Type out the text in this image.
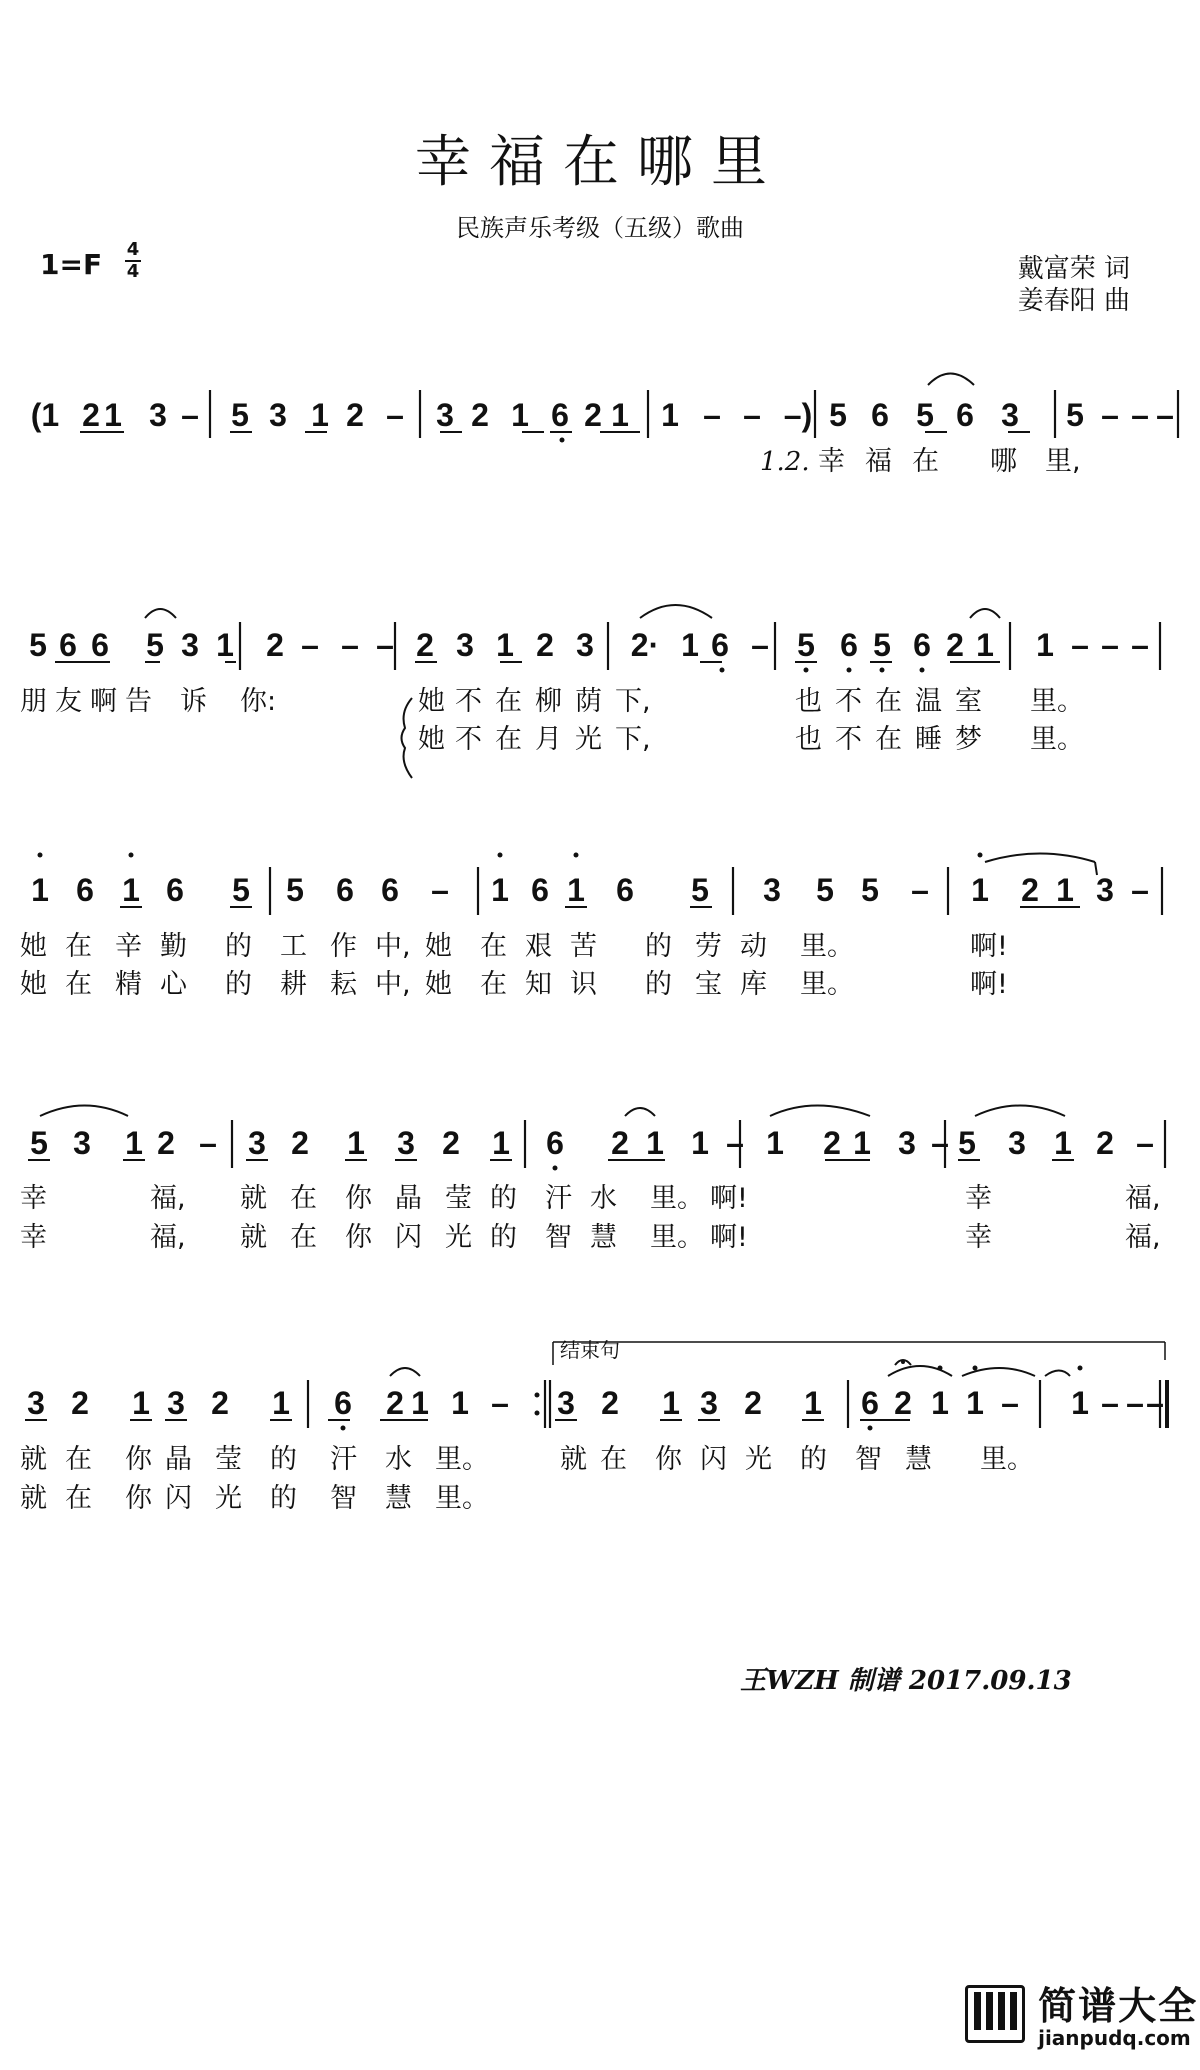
幸福在哪里
民族声乐考级（五级）歌曲
1=F 4
4	戴富荣 词
姜春阳 曲
(1 2 1 3 – 5 3 1 2 – 3 2 1 6 2 1 1 – – –) 5 6 5 6 3 5 – – –
1.2. 幸 福 在 哪 里,
5 6 6 5 3 1 2 – – – 2 3 1 2 3 2· 1 6 – 5 6 5 6 2 1 1 – – –
朋 友 啊 告 诉 你:	她 不 在 柳 荫 下,	也 不 在 温 室 里。
她 不 在 月 光 下,	也 不 在 睡 梦 里。
1 6 1 6 5 5 6 6 – 1 6 1 6 5 3 5 5 – 1 2 1 3 –
她 在 辛 勤 的 工 作 中, 她 在 艰 苦 的 劳 动 里。	啊!
她 在 精 心 的 耕 耘 中, 她 在 知 识 的 宝 库 里。	啊!
5 3 1 2 – 3 2 1 3 2 1 6 2 1 1 – 1 2 1 3 – 5 3 1 2 –
幸	福, 就 在 你 晶 莹 的 汗 水 里。 啊!	幸	福,
幸	福, 就 在 你 闪 光 的 智 慧 里。 啊!	幸	福,
3 2 1 3 2 1 6 2 1 1 – 3 2 1 3 2 1 6 2 1 1 – 1 – – –
结束句
就 在 你 晶 莹 的 汗 水 里。	就 在 你 闪 光 的 智 慧 里。
就 在 你 闪 光 的 智 慧 里。
王WZH 制谱 2017.09.13

简谱大全
jianpudq.com
